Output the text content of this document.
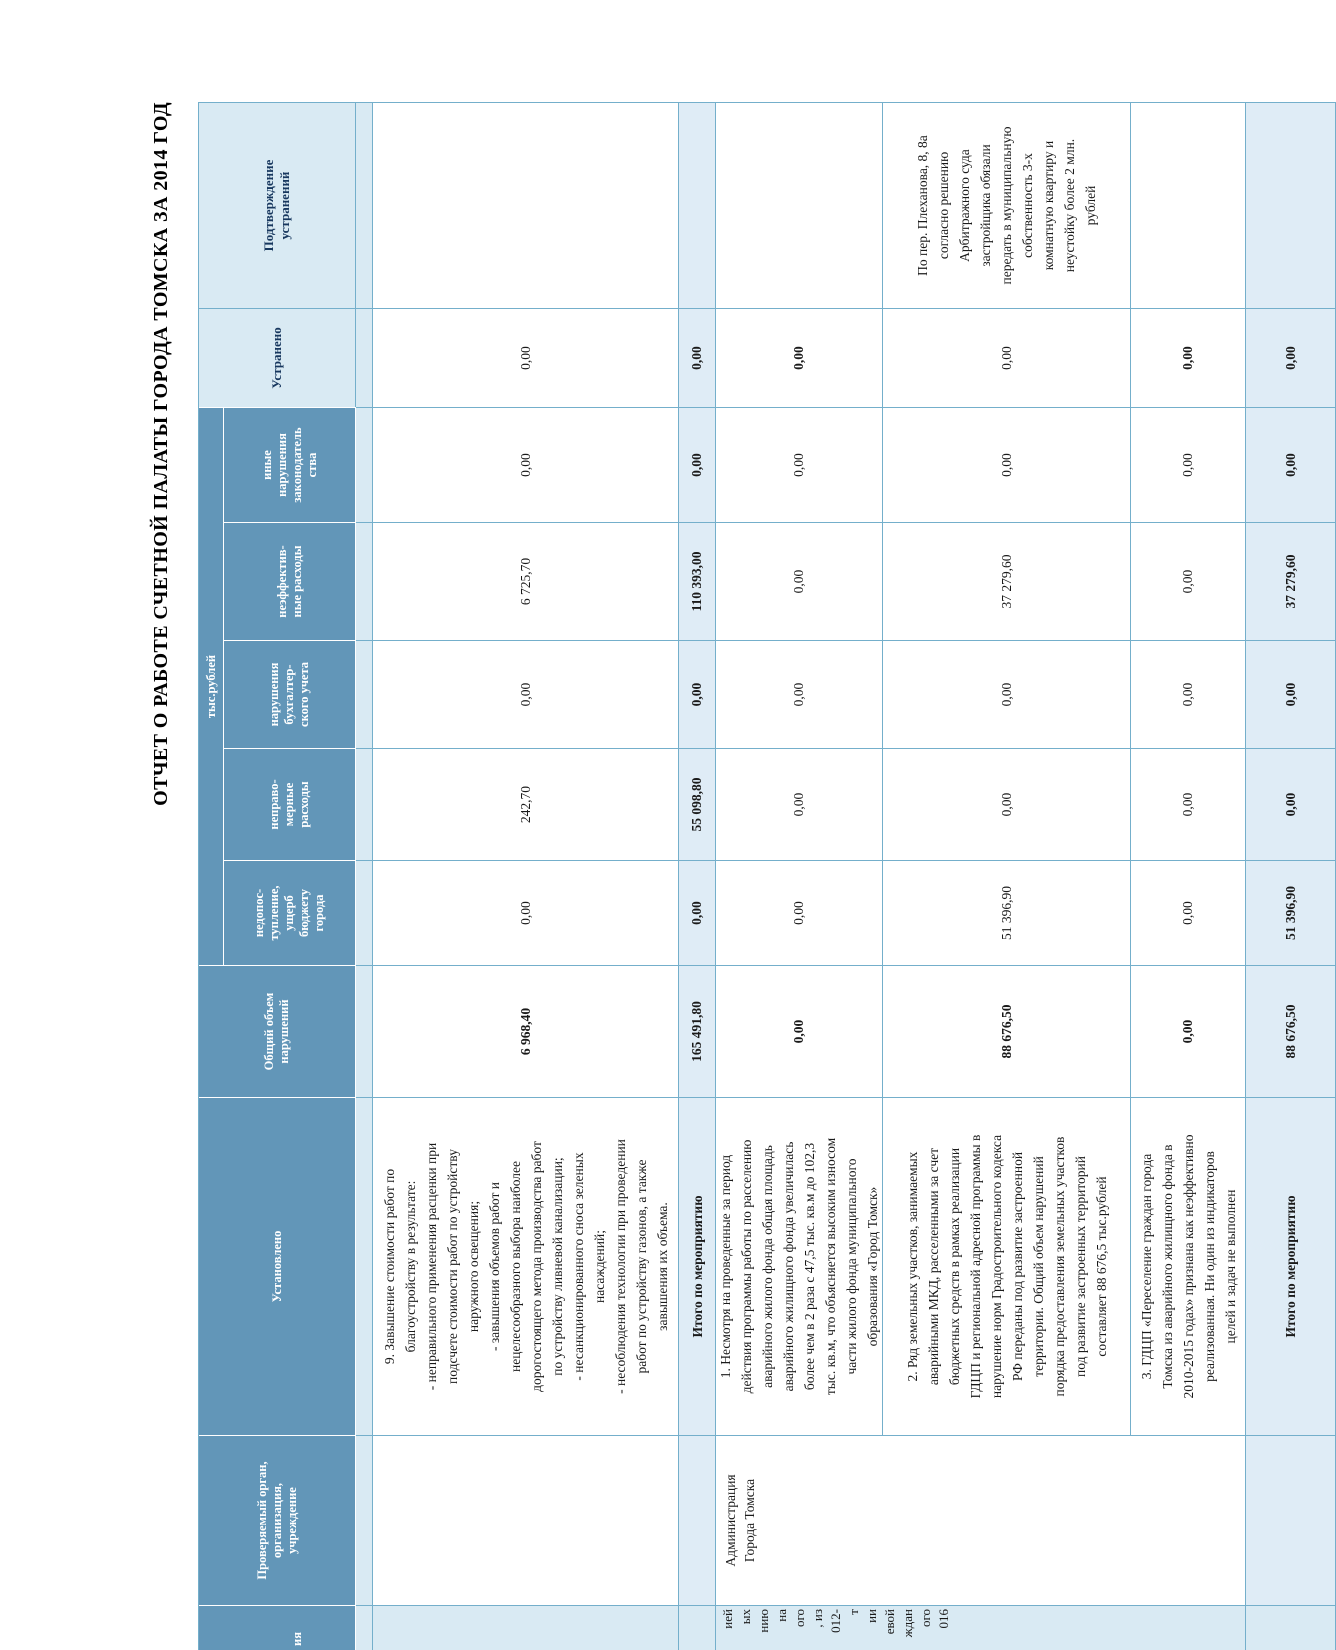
ОТЧЕТ О РАБОТЕ СЧЕТНОЙ ПАЛАТЫ ГОРОДА ТОМСКА ЗА 2014 ГОД
ия
Проверяемый орган, организация, учреждение
Установлено
Общий объем нарушений
тыс.рублей
недопос- тупление, ущерб бюджету города
неправо- мерные расходы
нарушения бухгалтер- ского учета
неэффектив- ные расходы
иные нарушения законодатель ства
Устранено
Подтверждение устранений
ией ых нию на ого , из 012- т ии евой ждан ого 016
Администрация Города Томска
9. Завышение стоимости работ по благоустройству в результате: - неправильного применения расценки при подсчете стоимости работ по устройству наружного освещения; - завышения объемов работ и нецелесообразного выбора наиболее дорогостоящего метода производства работ по устройству ливневой канализации; - несанкционированного сноса зеленых насаждений; - несоблюдения технологии при проведении работ по устройству газонов, а также завышения их объема.
6 968,40
0,00
242,70
0,00
6 725,70
0,00
0,00
Итого по мероприятию
165 491,80
0,00
55 098,80
0,00
110 393,00
0,00
0,00
1. Несмотря на проведенные за период действия программы работы по расселению аварийного жилого фонда общая площадь аварийного жилищного фонда увеличилась более чем в 2 раза с 47,5 тыс. кв.м до 102,3 тыс. кв.м, что объясняется высоким износом части жилого фонда муниципального образования «Город Томск»
0,00
0,00
0,00
0,00
0,00
0,00
0,00
2. Ряд земельных участков, занимаемых аварийными МКД, расселенными за счет бюджетных средств в рамках реализации ГДЦП и региональной адресной программы в нарушение норм Градостроительного кодекса РФ переданы под развитие застроенной территории. Общий объем нарушений порядка предоставления земельных участков под развитие застроенных территорий составляет 88 676,5 тыс.рублей
88 676,50
51 396,90
0,00
0,00
37 279,60
0,00
0,00
По пер. Плеханова, 8, 8а согласно решению Арбитражного суда застройщика обязали передать в муниципальную собственность 3-х комнатную квартиру и неустойку более 2 млн. рублей
3. ГДЦП «Переселение граждан города Томска из аварийного жилищного фонда в 2010-2015 годах» признана как неэффективно реализованная. Ни один из индикаторов целей и задач не выполнен
0,00
0,00
0,00
0,00
0,00
0,00
0,00
Итого по мероприятию
88 676,50
51 396,90
0,00
0,00
37 279,60
0,00
0,00
